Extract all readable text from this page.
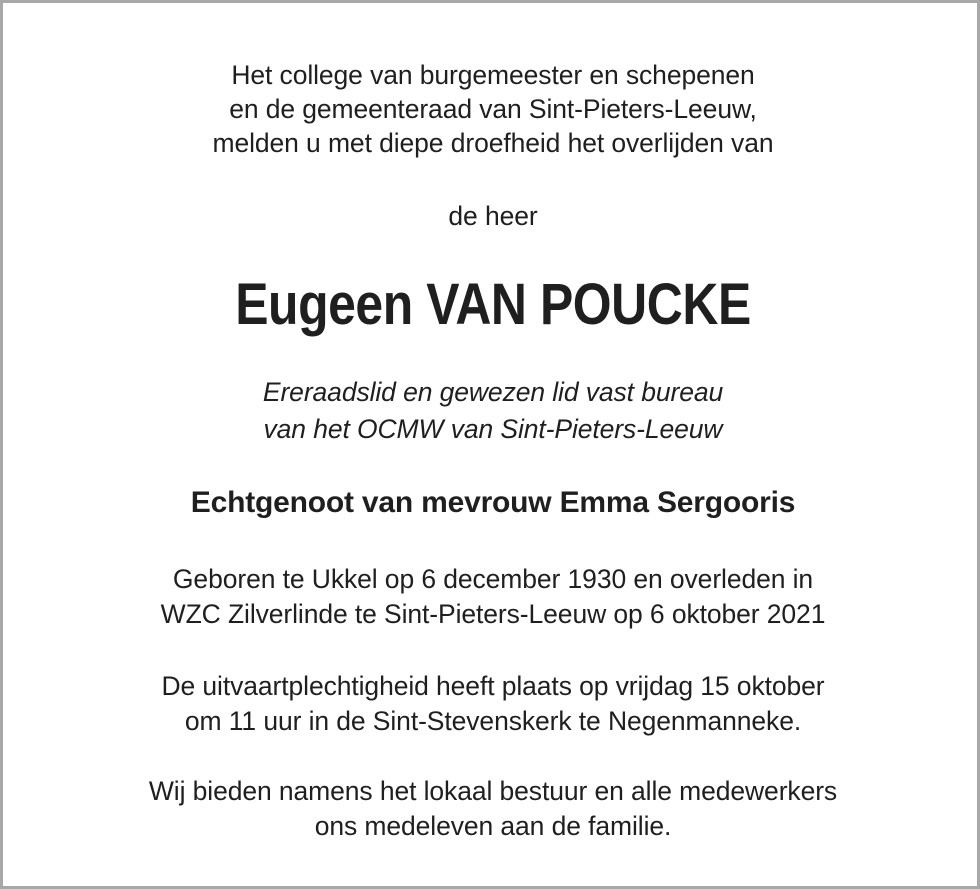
Het college van burgemeester en schepenen
en de gemeenteraad van Sint-Pieters-Leeuw,
melden u met diepe droefheid het overlijden van
de heer
Eugeen VAN POUCKE
Ereraadslid en gewezen lid vast bureau
van het OCMW van Sint-Pieters-Leeuw
Echtgenoot van mevrouw Emma Sergooris
Geboren te Ukkel op 6 december 1930 en overleden in
WZC Zilverlinde te Sint-Pieters-Leeuw op 6 oktober 2021
De uitvaartplechtigheid heeft plaats op vrijdag 15 oktober
om 11 uur in de Sint-Stevenskerk te Negenmanneke.
Wij bieden namens het lokaal bestuur en alle medewerkers
ons medeleven aan de familie.
